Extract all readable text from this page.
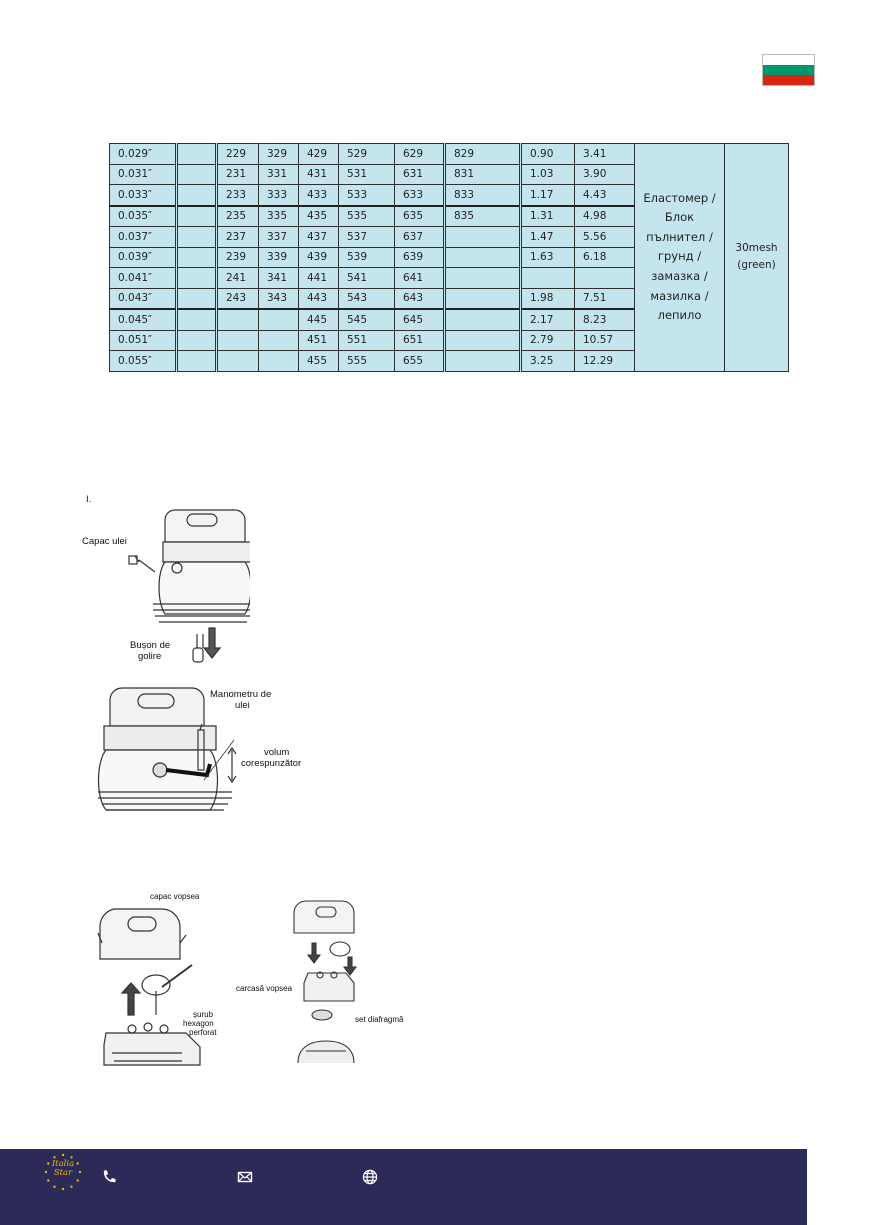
0.029″		229	329	429	529	629	829	0.90	3.41	Еластомер / Блок пълнител / грунд / замазка / мазилка / лепило	30mesh (green)
0.031″		231	331	431	531	631	831	1.03	3.90		
0.033″		233	333	433	533	633	833	1.17	4.43		
0.035″		235	335	435	535	635	835	1.31	4.98		
0.037″		237	337	437	537	637		1.47	5.56		
0.039″		239	339	439	539	639		1.63	6.18		
0.041″		241	341	441	541	641					
0.043″		243	343	443	543	643		1.98	7.51		
0.045″				445	545	645		2.17	8.23		
0.051″				451	551	651		2.79	10.57		
0.055″				455	555	655		3.25	12.29		
I.
Capac ulei
Bușon de
golire
Manometru de
ulei
volum
corespunzător
capac vopsea
șurub
hexagon
perforat
carcasă vopsea
set diafragmă
Italia
Star
